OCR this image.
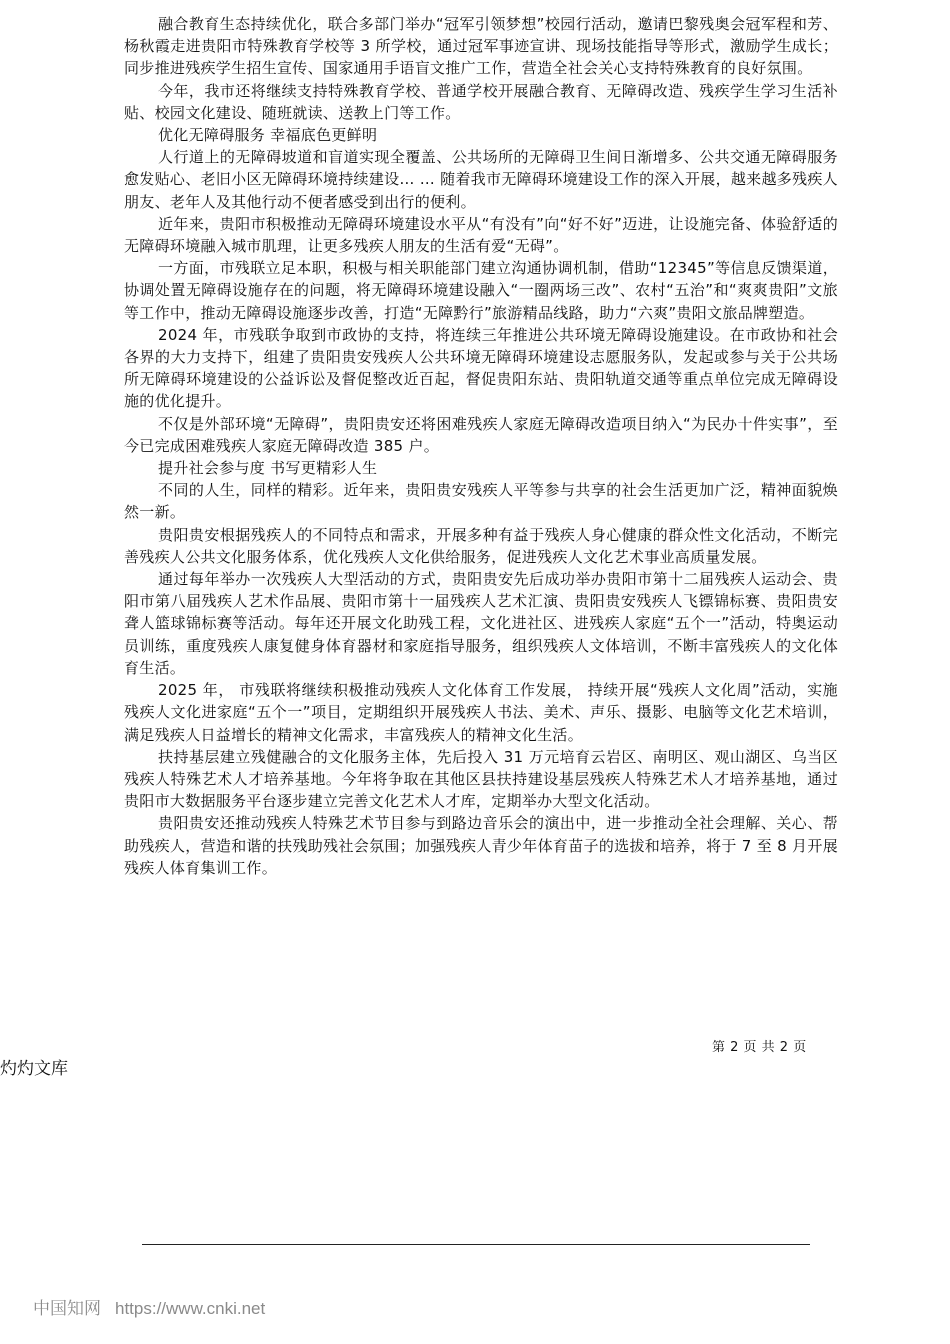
融合教育生态持续优化，联合多部门举办“冠军引领梦想”校园行活动，邀请巴黎残奥会冠军程和芳、杨秋霞走进贵阳市特殊教育学校等 3 所学校，通过冠军事迹宣讲、现场技能指导等形式，激励学生成长；同步推进残疾学生招生宣传、国家通用手语盲文推广工作，营造全社会关心支持特殊教育的良好氛围。

今年，我市还将继续支持特殊教育学校、普通学校开展融合教育、无障碍改造、残疾学生学习生活补贴、校园文化建设、随班就读、送教上门等工作。

优化无障碍服务 幸福底色更鲜明

人行道上的无障碍坡道和盲道实现全覆盖、公共场所的无障碍卫生间日渐增多、公共交通无障碍服务愈发贴心、老旧小区无障碍环境持续建设… … 随着我市无障碍环境建设工作的深入开展，越来越多残疾人朋友、老年人及其他行动不便者感受到出行的便利。

近年来，贵阳市积极推动无障碍环境建设水平从“有没有”向“好不好”迈进，让设施完备、体验舒适的无障碍环境融入城市肌理，让更多残疾人朋友的生活有爱“无碍”。

一方面，市残联立足本职，积极与相关职能部门建立沟通协调机制，借助“12345”等信息反馈渠道，协调处置无障碍设施存在的问题，将无障碍环境建设融入“一圈两场三改”、农村“五治”和“爽爽贵阳”文旅等工作中，推动无障碍设施逐步改善，打造“无障黔行”旅游精品线路，助力“六爽”贵阳文旅品牌塑造。

2024 年，市残联争取到市政协的支持，将连续三年推进公共环境无障碍设施建设。在市政协和社会各界的大力支持下，组建了贵阳贵安残疾人公共环境无障碍环境建设志愿服务队，发起或参与关于公共场所无障碍环境建设的公益诉讼及督促整改近百起，督促贵阳东站、贵阳轨道交通等重点单位完成无障碍设施的优化提升。

不仅是外部环境“无障碍”，贵阳贵安还将困难残疾人家庭无障碍改造项目纳入“为民办十件实事”，至今已完成困难残疾人家庭无障碍改造 385 户。

提升社会参与度 书写更精彩人生

不同的人生，同样的精彩。近年来，贵阳贵安残疾人平等参与共享的社会生活更加广泛，精神面貌焕然一新。

贵阳贵安根据残疾人的不同特点和需求，开展多种有益于残疾人身心健康的群众性文化活动，不断完善残疾人公共文化服务体系，优化残疾人文化供给服务，促进残疾人文化艺术事业高质量发展。

通过每年举办一次残疾人大型活动的方式，贵阳贵安先后成功举办贵阳市第十二届残疾人运动会、贵阳市第八届残疾人艺术作品展、贵阳市第十一届残疾人艺术汇演、贵阳贵安残疾人飞镖锦标赛、贵阳贵安聋人篮球锦标赛等活动。每年还开展文化助残工程，文化进社区、进残疾人家庭“五个一”活动，特奥运动员训练，重度残疾人康复健身体育器材和家庭指导服务，组织残疾人文体培训，不断丰富残疾人的文化体育生活。

2025 年， 市残联将继续积极推动残疾人文化体育工作发展， 持续开展“残疾人文化周”活动，实施残疾人文化进家庭“五个一”项目，定期组织开展残疾人书法、美术、声乐、摄影、电脑等文化艺术培训，满足残疾人日益增长的精神文化需求，丰富残疾人的精神文化生活。

扶持基层建立残健融合的文化服务主体，先后投入 31 万元培育云岩区、南明区、观山湖区、乌当区残疾人特殊艺术人才培养基地。今年将争取在其他区县扶持建设基层残疾人特殊艺术人才培养基地，通过贵阳市大数据服务平台逐步建立完善文化艺术人才库，定期举办大型文化活动。

贵阳贵安还推动残疾人特殊艺术节目参与到路边音乐会的演出中，进一步推动全社会理解、关心、帮助残疾人，营造和谐的扶残助残社会氛围；加强残疾人青少年体育苗子的选拔和培养，将于 7 至 8 月开展残疾人体育集训工作。

第 2 页 共 2 页
灼灼文库
中国知网 https://www.cnki.net
